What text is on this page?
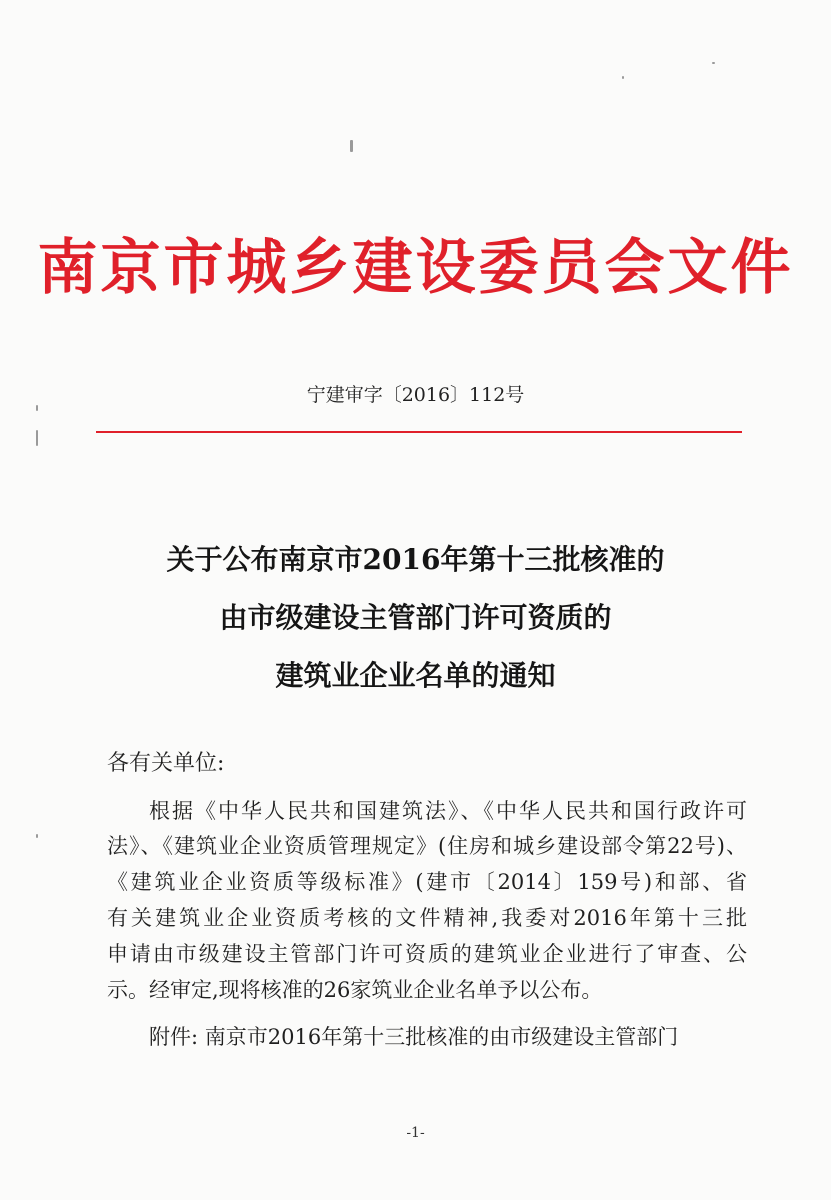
南京市城乡建设委员会文件
宁建审字〔2016〕112号
关于公布南京市2016年第十三批核准的
由市级建设主管部门许可资质的
建筑业企业名单的通知
各有关单位:
根据《中华人民共和国建筑法》、《中华人民共和国行政许可
法》、《建筑业企业资质管理规定》(住房和城乡建设部令第22号)、
《建筑业企业资质等级标准》(建市〔2014〕159号)和部、省
有关建筑业企业资质考核的文件精神,我委对2016年第十三批
申请由市级建设主管部门许可资质的建筑业企业进行了审查、公
示。经审定,现将核准的26家筑业企业名单予以公布。
附件: 南京市2016年第十三批核准的由市级建设主管部门
-1-
